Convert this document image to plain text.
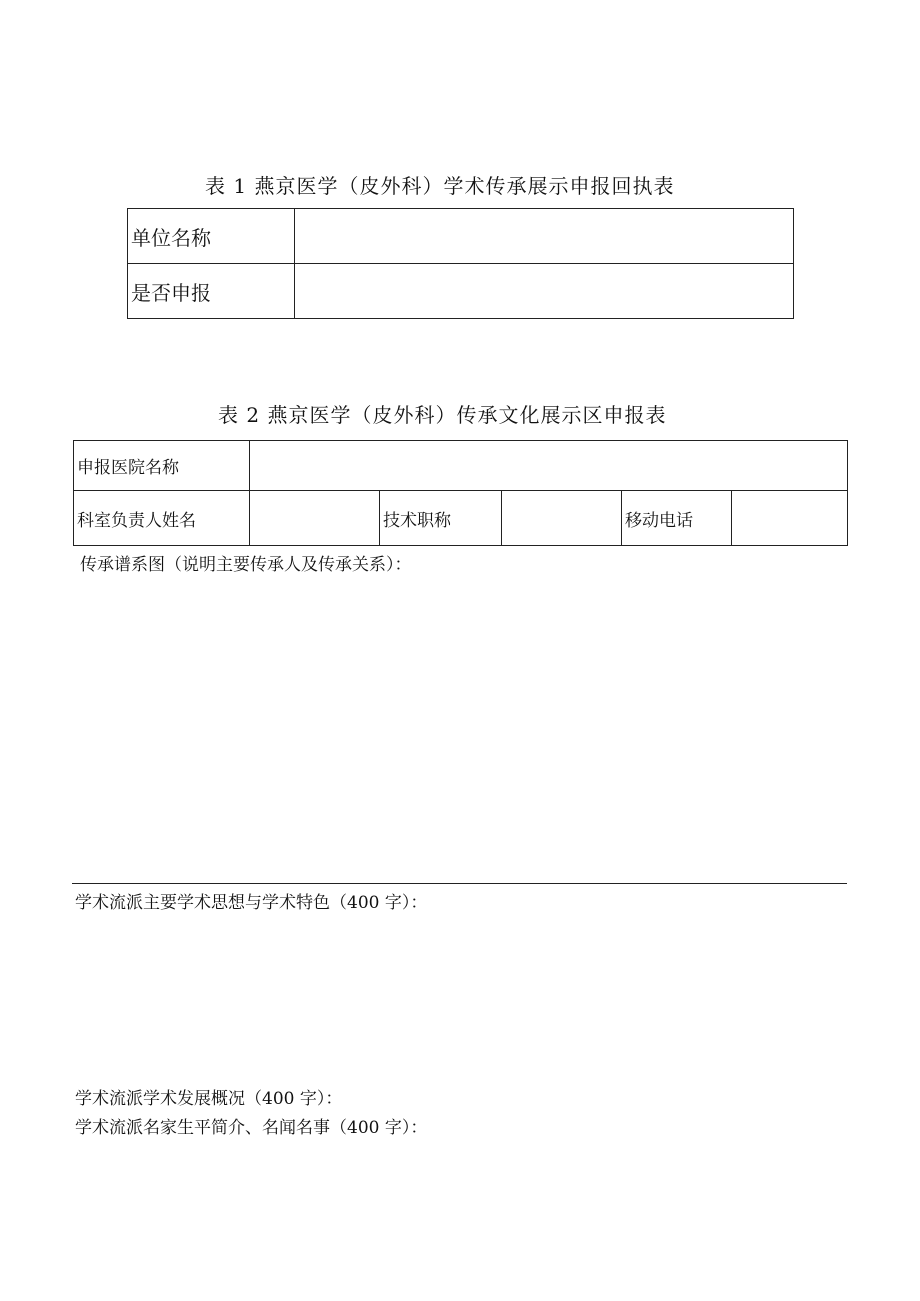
表 1 燕京医学（皮外科）学术传承展示申报回执表
单位名称	
是否申报	
表 2 燕京医学（皮外科）传承文化展示区申报表
申报医院名称					
科室负责人姓名		技术职称		移动电话	
传承谱系图（说明主要传承人及传承关系）：
学术流派主要学术思想与学术特色（400 字）：
学术流派学术发展概况（400 字）：
学术流派名家生平简介、名闻名事（400 字）：
